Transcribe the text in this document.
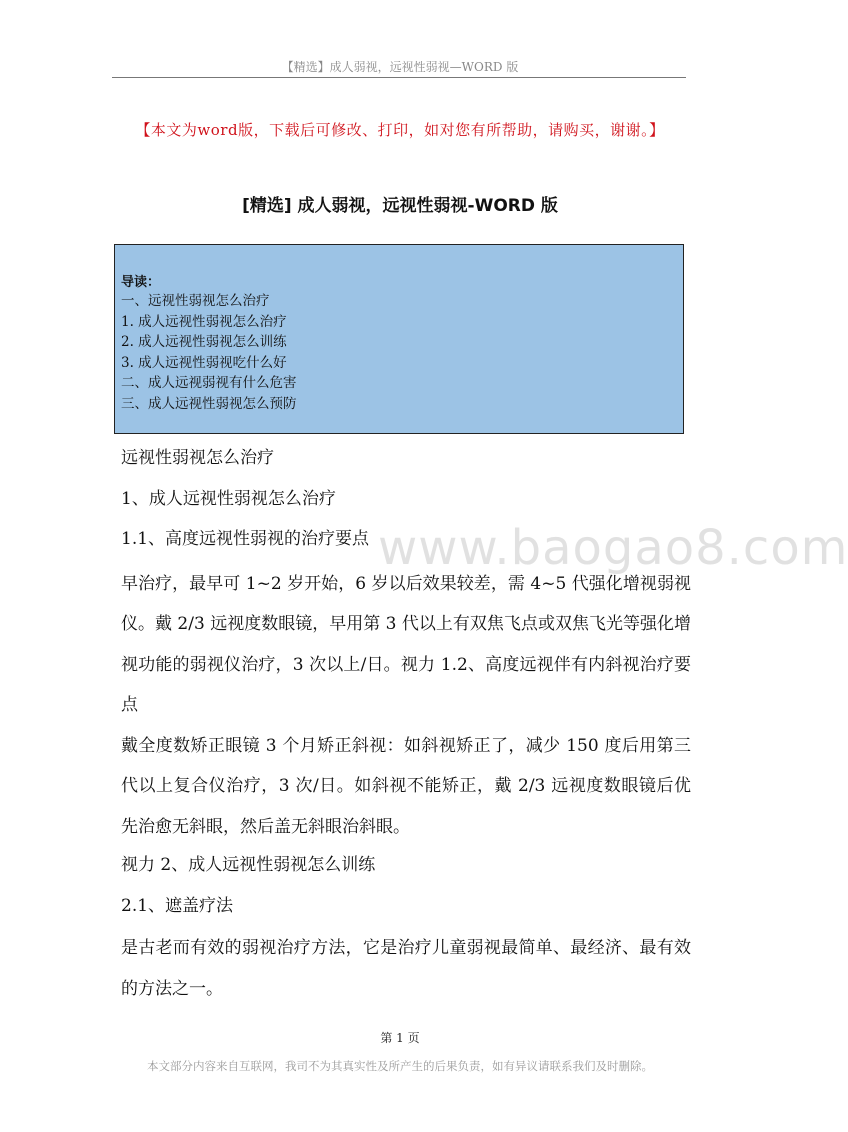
【精选】成人弱视，远视性弱视—WORD 版
【本文为word版，下载后可修改、打印，如对您有所帮助，请购买，谢谢。】
[精选] 成人弱视，远视性弱视-WORD 版
导读：
一、远视性弱视怎么治疗
1. 成人远视性弱视怎么治疗
2. 成人远视性弱视怎么训练
3. 成人远视性弱视吃什么好
二、成人远视弱视有什么危害
三、成人远视性弱视怎么预防
www.baogao8.com
远视性弱视怎么治疗
1、成人远视性弱视怎么治疗
1.1、高度远视性弱视的治疗要点
早治疗，最早可 1~2 岁开始，6 岁以后效果较差，需 4~5 代强化增视弱视仪。戴 2/3 远视度数眼镜，早用第 3 代以上有双焦飞点或双焦飞光等强化增视功能的弱视仪治疗，3 次以上/日。视力 1.2、高度远视伴有内斜视治疗要点
戴全度数矫正眼镜 3 个月矫正斜视：如斜视矫正了，减少 150 度后用第三代以上复合仪治疗，3 次/日。如斜视不能矫正，戴 2/3 远视度数眼镜后优先治愈无斜眼，然后盖无斜眼治斜眼。
视力 2、成人远视性弱视怎么训练
2.1、遮盖疗法
是古老而有效的弱视治疗方法，它是治疗儿童弱视最简单、最经济、最有效的方法之一。
第 1 页
本文部分内容来自互联网，我司不为其真实性及所产生的后果负责，如有异议请联系我们及时删除。
